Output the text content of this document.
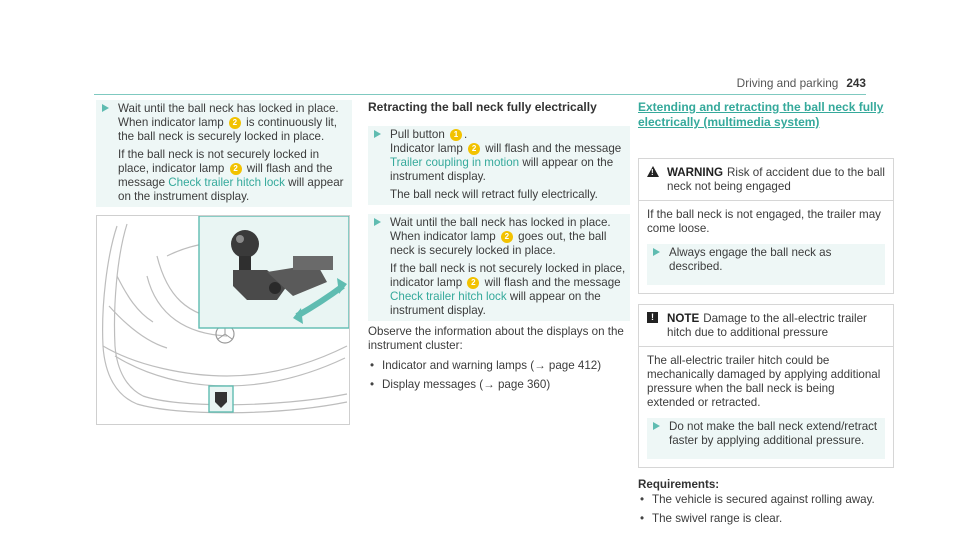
Driving and parking 243

Wait until the ball neck has locked in place. When indicator lamp 2 is continuously lit, the ball neck is securely locked in place.

If the ball neck is not securely locked in place, indicator lamp 2 will flash and the message Check trailer hitch lock will appear on the instrument display.

Retracting the ball neck fully electrically

Pull button 1 .
Indicator lamp 2 will flash and the message Trailer coupling in motion will appear on the instrument display.

The ball neck will retract fully electrically.

Wait until the ball neck has locked in place. When indicator lamp 2 goes out, the ball neck is securely locked in place.

If the ball neck is not securely locked in place, indicator lamp 2 will flash and the message Check trailer hitch lock will appear on the instrument display.

Observe the information about the displays on the instrument cluster:
• Indicator and warning lamps (→ page 412)
• Display messages (→ page 360)
Extending and retracting the ball neck fully electrically (multimedia system)
!
WARNING Risk of accident due to the ball neck not being engaged

If the ball neck is not engaged, the trailer may come loose.

Always engage the ball neck as described.

!	NOTE Damage to the all-electric trailer hitch due to additional pressure

The all-electric trailer hitch could be mechanically damaged by applying additional pressure when the ball neck is being extended or retracted.

Do not make the ball neck extend/retract faster by applying additional pressure.

Requirements:
• The vehicle is secured against rolling away.
• The swivel range is clear.
